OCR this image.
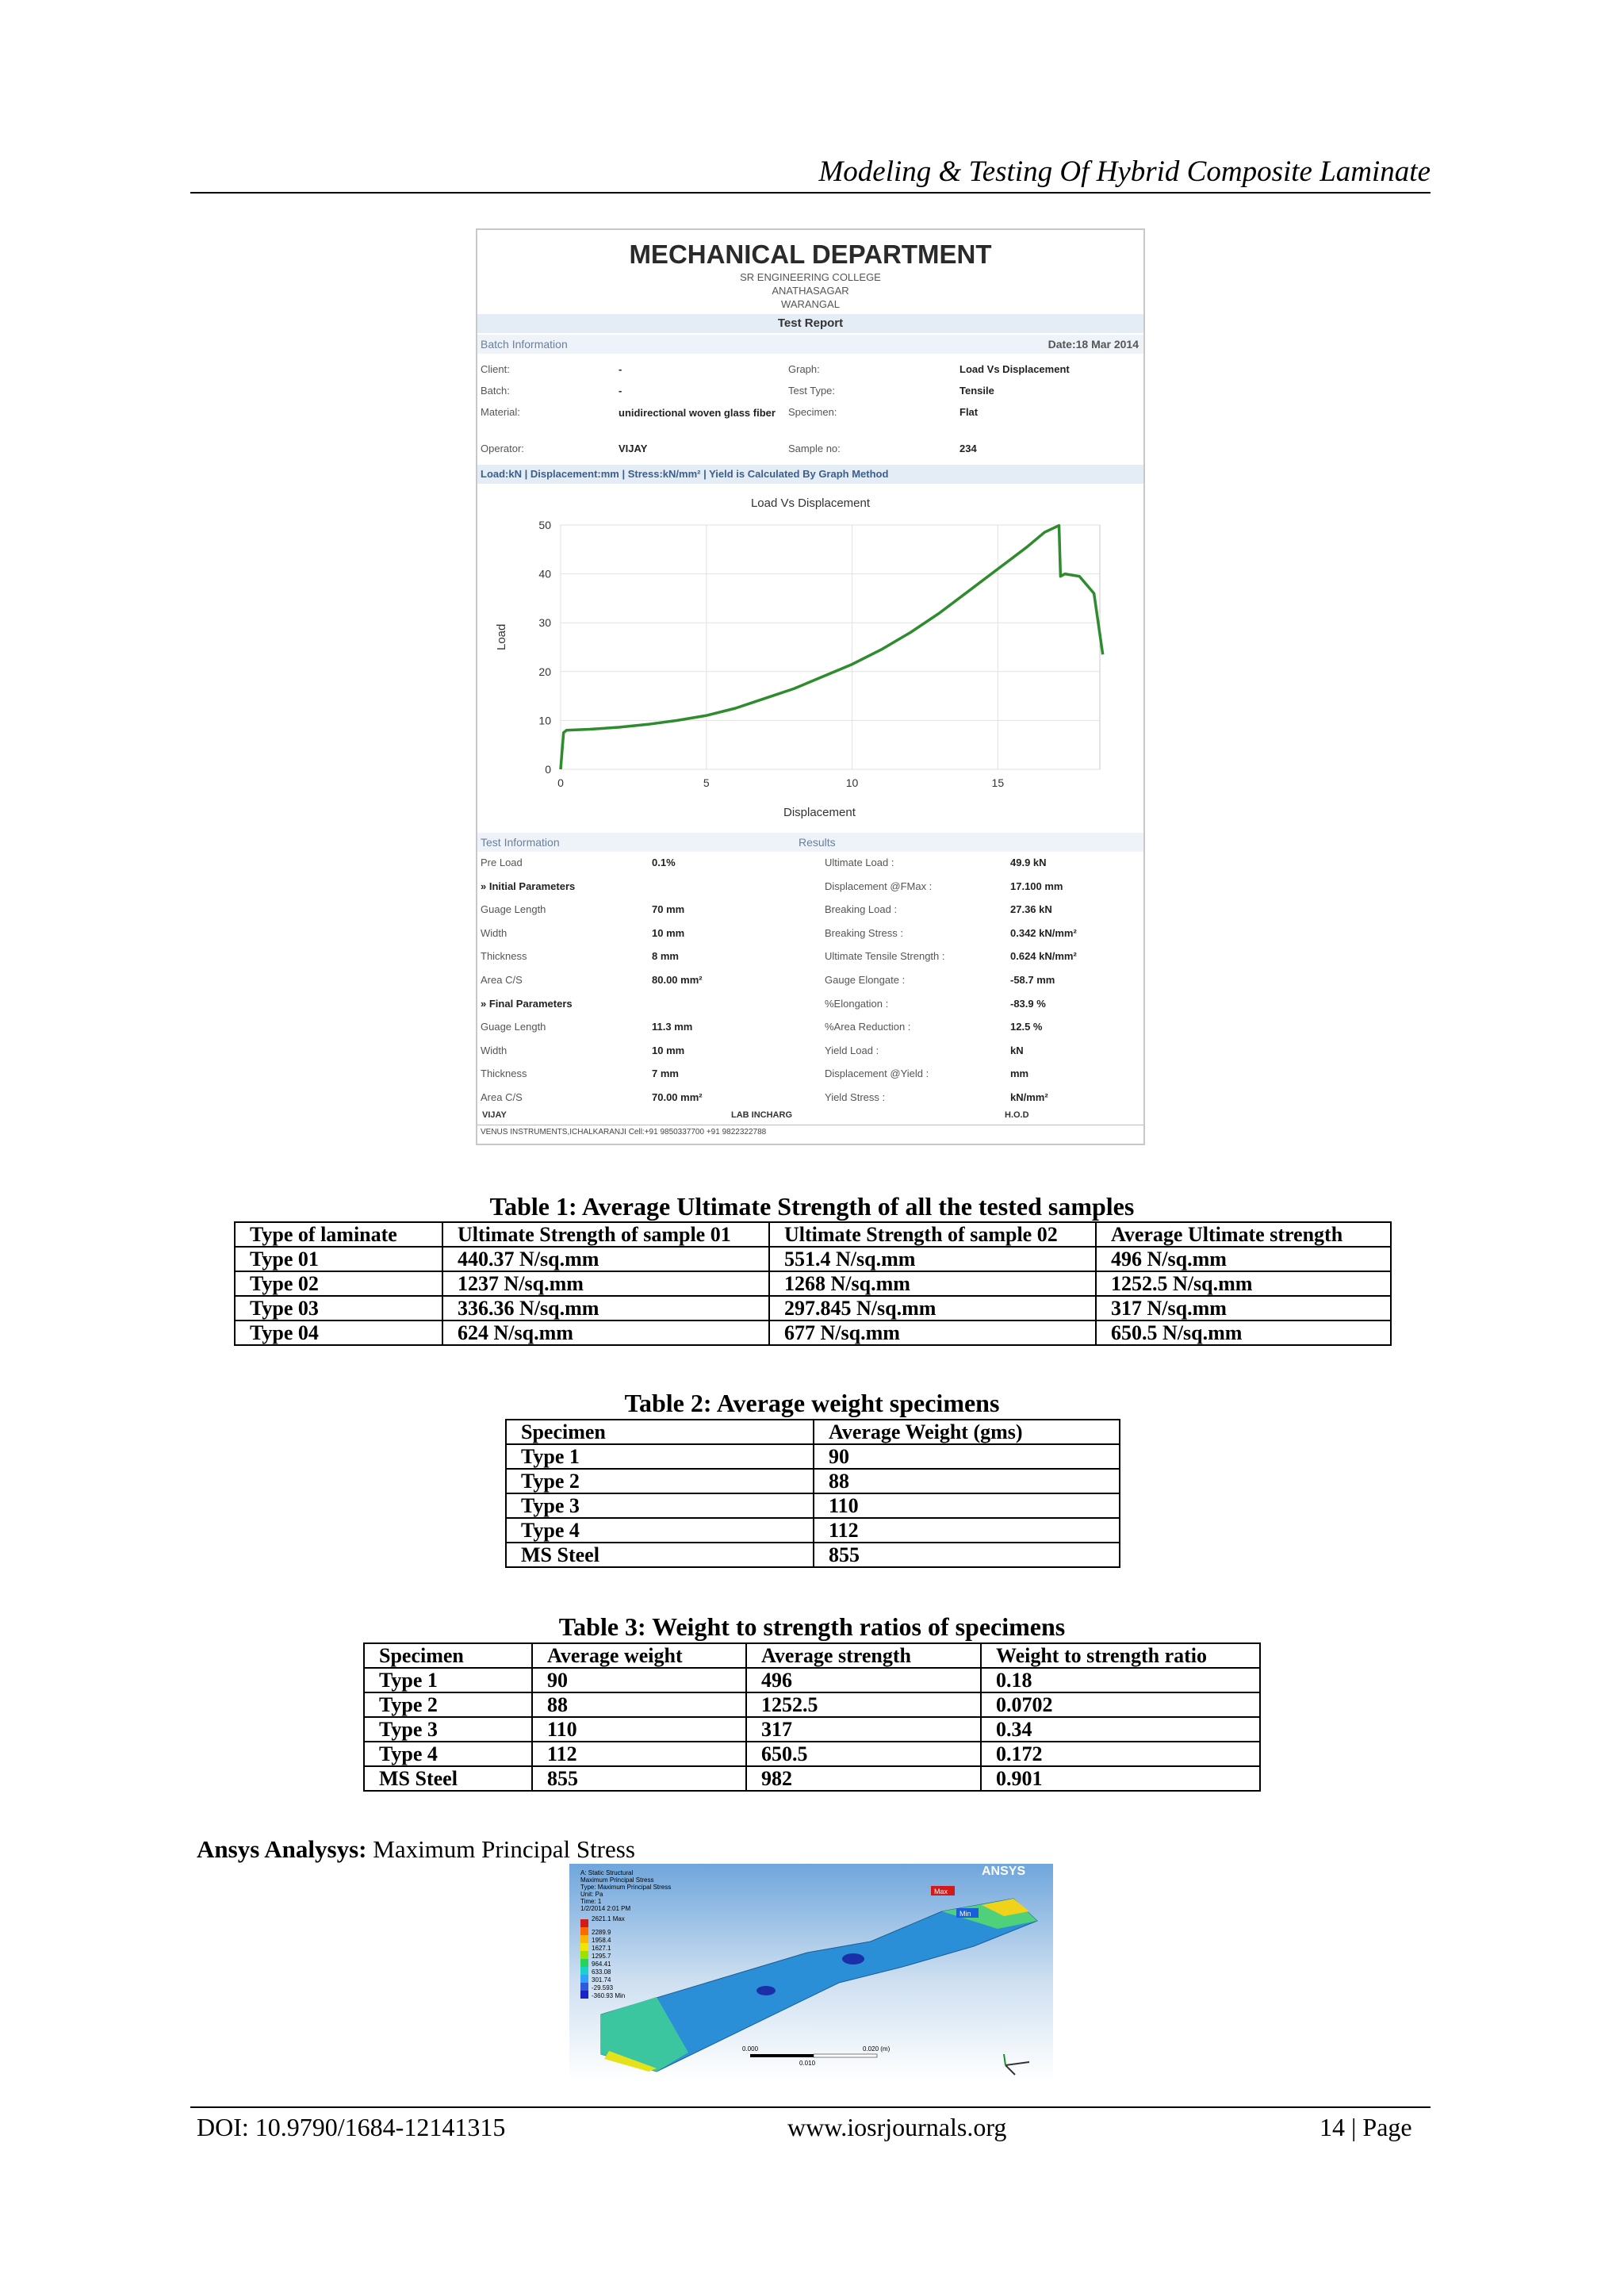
Modeling & Testing Of Hybrid Composite Laminate
MECHANICAL DEPARTMENT
SR ENGINEERING COLLEGE
ANATHASAGAR
WARANGAL
Test Report
Batch Information	Date:18 Mar 2014
Client:	-	Graph:	Load Vs Displacement
Batch:	-	Test Type:	Tensile
Material:	unidirectional woven glass fiber	Specimen:	Flat
Operator:	VIJAY	Sample no:	234
Load:kN | Displacement:mm | Stress:kN/mm² | Yield is Calculated By Graph Method
Load Vs Displacement
0
10
20
30
40
50
0	5	10	15
Displacement
Load
Test Information	Results
Pre Load	0.1%
» Initial Parameters
Guage Length	70 mm
Width	10 mm
Thickness	8 mm
Area C/S	80.00 mm²
» Final Parameters
Guage Length	11.3 mm
Width	10 mm
Thickness	7 mm
Area C/S	70.00 mm²
Ultimate Load :	49.9 kN
Displacement @FMax :	17.100 mm
Breaking Load :	27.36 kN
Breaking Stress :	0.342 kN/mm²
Ultimate Tensile Strength :	0.624 kN/mm²
Gauge Elongate :	-58.7 mm
%Elongation :	-83.9 %
%Area Reduction :	12.5 %
Yield Load :	kN
Displacement @Yield :	mm
Yield Stress :	kN/mm²
VIJAY	LAB INCHARG	H.O.D
VENUS INSTRUMENTS,ICHALKARANJI Cell:+91 9850337700 +91 9822322788
Table 1: Average Ultimate Strength of all the tested samples
Type of laminate	Ultimate Strength of sample 01	Ultimate Strength of sample 02	Average Ultimate strength
Type 01	440.37 N/sq.mm	551.4 N/sq.mm	496 N/sq.mm
Type 02	1237 N/sq.mm	1268 N/sq.mm	1252.5 N/sq.mm
Type 03	336.36 N/sq.mm	297.845 N/sq.mm	317 N/sq.mm
Type 04	624 N/sq.mm	677 N/sq.mm	650.5 N/sq.mm
Table 2: Average weight specimens
Specimen	Average Weight (gms)
Type 1	90
Type 2	88
Type 3	110
Type 4	112
MS Steel	855
Table 3: Weight to strength ratios of specimens
Specimen	Average weight	Average strength	Weight to strength ratio
Type 1	90	496	0.18
Type 2	88	1252.5	0.0702
Type 3	110	317	0.34
Type 4	112	650.5	0.172
MS Steel	855	982	0.901
Ansys Analysys: Maximum Principal Stress
Max
Min
ANSYS
A: Static Structural
Maximum Principal Stress
Type: Maximum Principal Stress
Unit: Pa
Time: 1
1/2/2014 2:01 PM
2621.1 Max
2289.9
1958.4
1627.1
1295.7
964.41
633.08
301.74
-29.593
-360.93 Min
0.000
0.010
0.020 (m)
DOI: 10.9790/1684-12141315	www.iosrjournals.org	14 | Page
